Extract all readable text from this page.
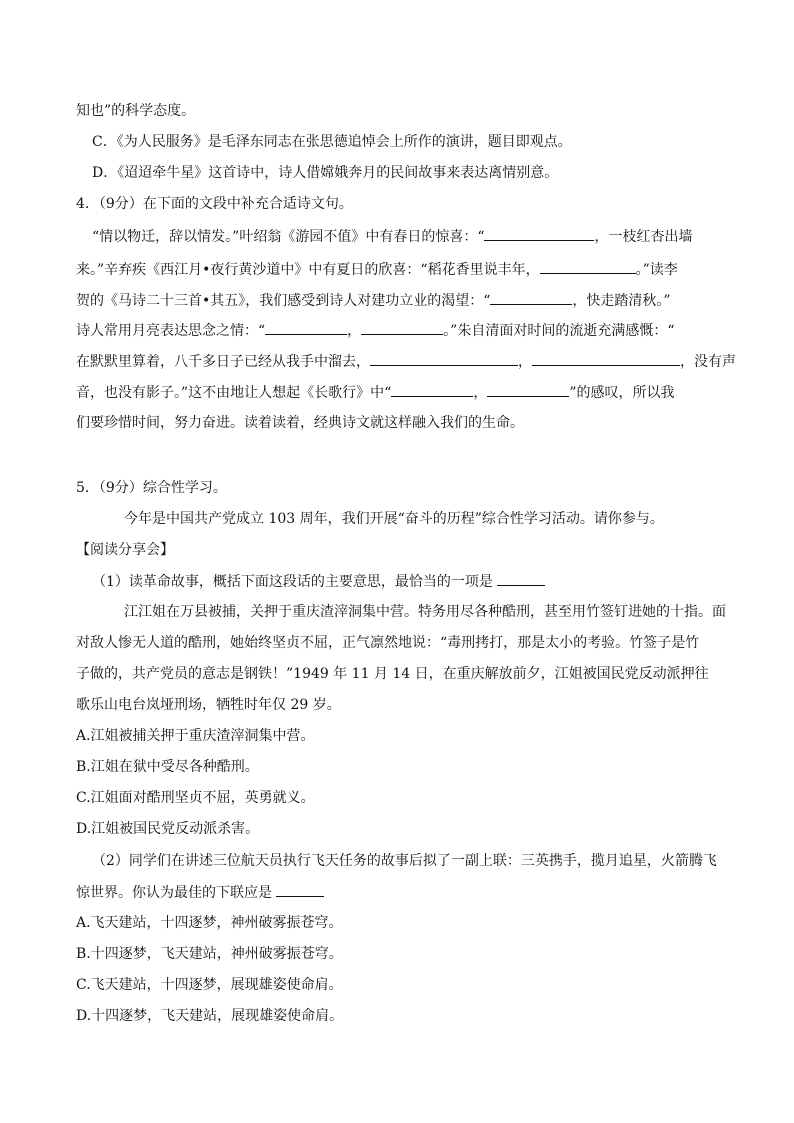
知也”的科学态度。
C．《为人民服务》是毛泽东同志在张思德追悼会上所作的演讲，题目即观点。
D．《迢迢牵牛星》这首诗中，诗人借嫦娥奔月的民间故事来表达离情别意。
4．（9分）在下面的文段中补充合适诗文句。
“情以物迁，辞以情发。”叶绍翁《游园不值》中有春日的惊喜：“	，一枝红杏出墙
来。”辛弃疾《西江月•夜行黄沙道中》中有夏日的欣喜：“稻花香里说丰年，	。”读李
贺的《马诗二十三首•其五》，我们感受到诗人对建功立业的渴望：“	，快走踏清秋。”
诗人常用月亮表达思念之情：“	，	。”朱自清面对时间的流逝充满感慨：“
在默默里算着，八千多日子已经从我手中溜去，	，	，没有声
音，也没有影子。”这不由地让人想起《长歌行》中“	，	”的感叹，所以我
们要珍惜时间，努力奋进。读着读着，经典诗文就这样融入我们的生命。
5．（9分）综合性学习。
今年是中国共产党成立 103 周年，我们开展“奋斗的历程”综合性学习活动。请你参与。
【阅读分享会】
（1）读革命故事，概括下面这段话的主要意思，最恰当的一项是
江江姐在万县被捕，关押于重庆渣滓洞集中营。特务用尽各种酷刑，甚至用竹签钉进她的十指。面
对敌人惨无人道的酷刑，她始终坚贞不屈，正气凛然地说：“毒刑拷打，那是太小的考验。竹签子是竹
子做的，共产党员的意志是钢铁！”1949 年 11 月 14 日，在重庆解放前夕，江姐被国民党反动派押往
歌乐山电台岚垭刑场，牺牲时年仅 29 岁。
A.江姐被捕关押于重庆渣滓洞集中营。
B.江姐在狱中受尽各种酷刑。
C.江姐面对酷刑坚贞不屈，英勇就义。
D.江姐被国民党反动派杀害。
（2）同学们在讲述三位航天员执行飞天任务的故事后拟了一副上联：三英携手，揽月追星，火箭腾飞
惊世界。你认为最佳的下联应是
A.飞天建站，十四逐梦，神州破雾振苍穹。
B.十四逐梦，飞天建站，神州破雾振苍穹。
C.飞天建站，十四逐梦，展现雄姿使命肩。
D.十四逐梦，飞天建站，展现雄姿使命肩。
